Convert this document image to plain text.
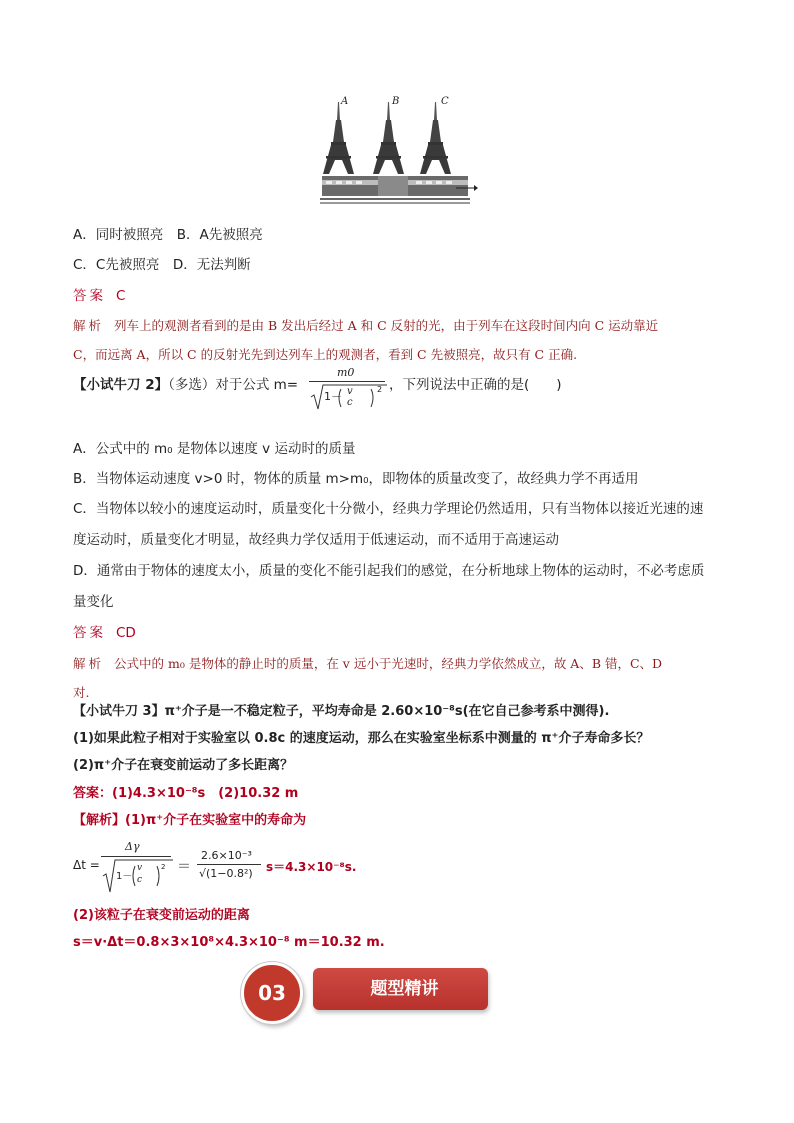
A	B	C
A．同时被照亮　B．A先被照亮
C．C先被照亮　D．无法判断
答案 C
解析 列车上的观测者看到的是由 B 发出后经过 A 和 C 反射的光，由于列车在这段时间内向 C 运动靠近
C，而远离 A，所以 C 的反射光先到达列车上的观测者，看到 C 先被照亮，故只有 C 正确.
【小试牛刀 2】（多选）对于公式 m=
m0
1－ v
c
2 ，下列说法中正确的是(　　)
A．公式中的 m₀ 是物体以速度 v 运动时的质量
B．当物体运动速度 v>0 时，物体的质量 m>m₀，即物体的质量改变了，故经典力学不再适用
C．当物体以较小的速度运动时，质量变化十分微小，经典力学理论仍然适用，只有当物体以接近光速的速
度运动时，质量变化才明显，故经典力学仅适用于低速运动，而不适用于高速运动
D．通常由于物体的速度太小，质量的变化不能引起我们的感觉，在分析地球上物体的运动时，不必考虑质
量变化
答案 CD
解析 公式中的 m₀ 是物体的静止时的质量，在 v 远小于光速时，经典力学依然成立，故 A、B 错，C、D
对.
【小试牛刀 3】π⁺介子是一不稳定粒子，平均寿命是 2.60×10⁻⁸s(在它自己参考系中测得).
(1)如果此粒子相对于实验室以 0.8c 的速度运动，那么在实验室坐标系中测量的 π⁺介子寿命多长？
(2)π⁺介子在衰变前运动了多长距离？
答案：(1)4.3×10⁻⁸s　(2)10.32 m
【解析】(1)π⁺介子在实验室中的寿命为
Δt =
Δγ
1－
v
c
2 ＝
2.6×10⁻³
√(1−0.8²) s＝4.3×10⁻⁸s.
(2)该粒子在衰变前运动的距离
s＝v·Δt＝0.8×3×10⁸×4.3×10⁻⁸ m＝10.32 m.
题型精讲
03
